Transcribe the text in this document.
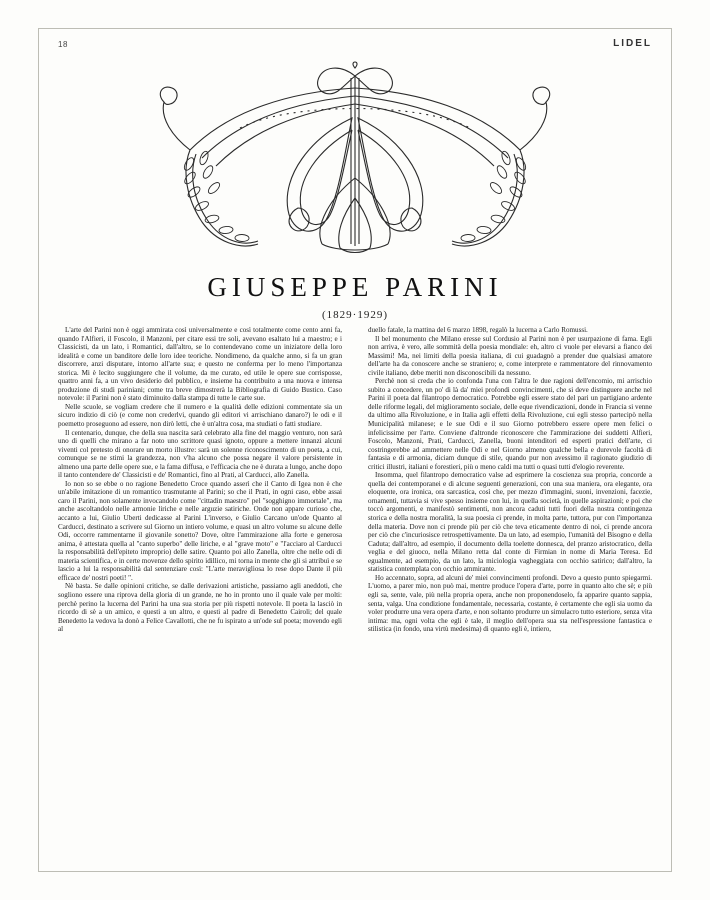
18	LIDEL
GIUSEPPE PARINI
(1829·1929)

L'arte del Parini non è oggi ammirata così universalmente e così totalmente come cento anni fa, quando l'Alfieri, il Foscolo, il Manzoni, per citare essi tre soli, avevano esaltato lui a maestro; e i Classicisti, da un lato, i Romantici, dall'altro, se lo contendevano come un iniziatore della loro idealità e come un banditore delle loro idee teoriche. Nondimeno, da qualche anno, si fa un gran discorrere, anzi disputare, intorno all'arte sua; e questo ne conferma per lo meno l'importanza storica. Mi è lecito suggiungere che il volume, da me curato, ed utile le opere sue corrisposse, quattro anni fa, a un vivo desiderio del pubblico, e insieme ha contribuito a una nuova e intensa produzione di studi pariniani; come tra breve dimostrerà la Bibliografia di Guido Bustico. Caso notevole: il Parini non è stato diminuito dalla stampa di tutte le carte sue.

Nelle scuole, se vogliam credere che il numero e la qualità delle edizioni commentate sia un sicuro indizio di ciò (e come non crederlvi, quando gli editori vi arrischiano danaro?) le odi e il poemetto proseguono ad essere, non dirò letti, che è un'altra cosa, ma studiati o fatti studiare.

Il centenario, dunque, che della sua nascita sarà celebrato alla fine del maggio venturo, non sarà uno di quelli che mirano a far noto uno scrittore quasi ignoto, oppure a mettere innanzi alcuni viventi col pretesto di onorare un morto illustre: sarà un solenne riconoscimento di un poeta, a cui, comunque se ne stimi la grandezza, non v'ha alcuno che possa negare il valore persistente in almeno una parte delle opere sue, e la fama diffusa, e l'efficacia che ne è durata a lungo, anche dopo il tanto contendere de' Classicisti e de' Romantici, fino al Prati, al Carducci, allo Zanella.

Io non so se ebbe o no ragione Benedetto Croce quando asserì che il Canto di Igea non è che un'abile imitazione di un romantico trasmutante al Parini; so che il Prati, in ogni caso, ebbe assai caro il Parini, non solamente invocandolo come "cittadin maestro" pel "sogghigno immortale", ma anche ascoltandolo nelle armonie liriche e nelle arguzie satiriche. Onde non appare curioso che, accanto a lui, Giulio Uberti dedicasse al Parini L'inverso, e Giulio Carcano un'ode Quanto al Carducci, destinato a scrivere sul Giorno un intiero volume, e quasi un altro volume su alcune delle Odi, occorre rammentarne il giovanile sonetto? Dove, oltre l'ammirazione alla forte e generosa anima, è attestata quella al "canto superbo" delle liriche, e al "grave moto" e "l'acciaro al Carducci la responsabilità dell'epiteto improprio) delle satire. Quanto poi allo Zanella, oltre che nelle odi di materia scientifica, e in certe movenze dello spirito idillico, mi torna in mente che gli si attribuì e se lascio a lui la responsabilità dal sentenziare così: "L'arte meravigliosa lo rese dopo Dante il più efficace de' nostri poeti! ".

Nè basta. Se dalle opinioni critiche, se dalle derivazioni artistiche, passiamo agli aneddoti, che sogliono essere una riprova della gloria di un grande, ne ho in pronto uno il quale vale per molti: perchè perino la lucerna del Parini ha una sua storia per più rispetti notevole. Il poeta la lasciò in ricordo di sè a un amico, e questi a un altro, e questi al padre di Benedetto Cairoli; del quale Benedetto la vedova la donò a Felice Cavallotti, che ne fu ispirato a un'ode sul poeta; movendo egli al

duello fatale, la mattina del 6 marzo 1898, regalò la lucerna a Carlo Romussi.

Il bel monumento che Milano eresse sul Cordusio al Parini non è per usurpazione di fama. Egli non arriva, è vero, alle sommità della poesia mondiale: eh, altro ci vuole per elevarsi a fianco dei Massimi! Ma, nei limiti della poesia italiana, di cui guadagnò a prender due qualsiasi amatore dell'arte ha da conoscere anche se straniero; e, come interprete e rammentatore del rinnovamento civile italiano, debe meriti non disconoscibili da nessuno.

Perchè non si creda che io confonda l'una con l'altra le due ragioni dell'encomio, mi arrischio subito a concedere, un po' di là da' miei profondi convincimenti, che si deve distinguere anche nel Parini il poeta dal filantropo democratico. Potrebbe egli essere stato del pari un partigiano ardente delle riforme legali, del miglioramento sociale, delle eque rivendicazioni, donde in Francia si venne da ultimo alla Rivoluzione, e in Italia agli effetti della Rivoluzione, cui egli stesso partecipò nella Municipalità milanese; e le sue Odi e il suo Giorno potrebbero essere opere men felici o infelicissime per l'arte. Conviene d'altronde riconoscere che l'ammirazione dei suddetti Alfieri, Foscolo, Manzoni, Prati, Carducci, Zanella, buoni intenditori ed esperti pratici dell'arte, ci costringerebbe ad ammettere nelle Odi e nel Giorno almeno qualche bella e durevole facoltà di fantasia e di armonia, diciam dunque di stile, quando pur non avessimo il ragionato giudizio di critici illustri, italiani e forestieri, più o meno caldi ma tutti o quasi tutti d'elogio reverente.

Insomma, quel filantropo democratico valse ad esprimere la coscienza sua propria, concorde a quella dei contemporanei e di alcune seguenti generazioni, con una sua maniera, ora elegante, ora eloquente, ora ironica, ora sarcastica, così che, per mezzo d'immagini, suoni, invenzioni, facezie, ornamenti, tuttavia si vive spesso insieme con lui, in quella società, in quelle aspirazioni; e poi che toccò argomenti, e manifestò sentimenti, non ancora caduti tutti fuori della nostra contingenza storica e della nostra moralità, la sua poesia ci prende, in molta parte, tuttora, pur con l'importanza della materia. Dove non ci prende più per ciò che teva eticamente dentro di noi, ci prende ancora per ciò che c'incuriosisce retrospettivamente. Da un lato, ad esempio, l'umanità del Bisogno e della Caduta; dall'altro, ad esempio, il documento della toelette donnesca, del pranzo aristocratico, della veglia e del giuoco, nella Milano retta dal conte di Firmian in nome di Maria Teresa. Ed egualmente, ad esempio, da un lato, la miciologia vagheggiata con occhio satirico; dall'altro, la statistica contemplata con occhio ammirante.

Ho accennato, sopra, ad alcuni de' miei convincimenti profondi. Devo a questo punto spiegarmi. L'uomo, a parer mio, non può mai, mentre produce l'opera d'arte, porre in quanto alto che sè; e più egli sa, sente, vale, più nella propria opera, anche non proponendoselo, fa apparire quanto sappia, senta, valga. Una condizione fondamentale, necessaria, costante, è certamente che egli sia uomo da voler produrre una vera opera d'arte, e non soltanto produrre un simulacro tutto esteriore, senza vita intima: ma, ogni volta che egli è tale, il meglio dell'opera sua sta nell'espressione fantastica e stilistica (in fondo, una virtù medesima) di quanto egli è, intiero,
